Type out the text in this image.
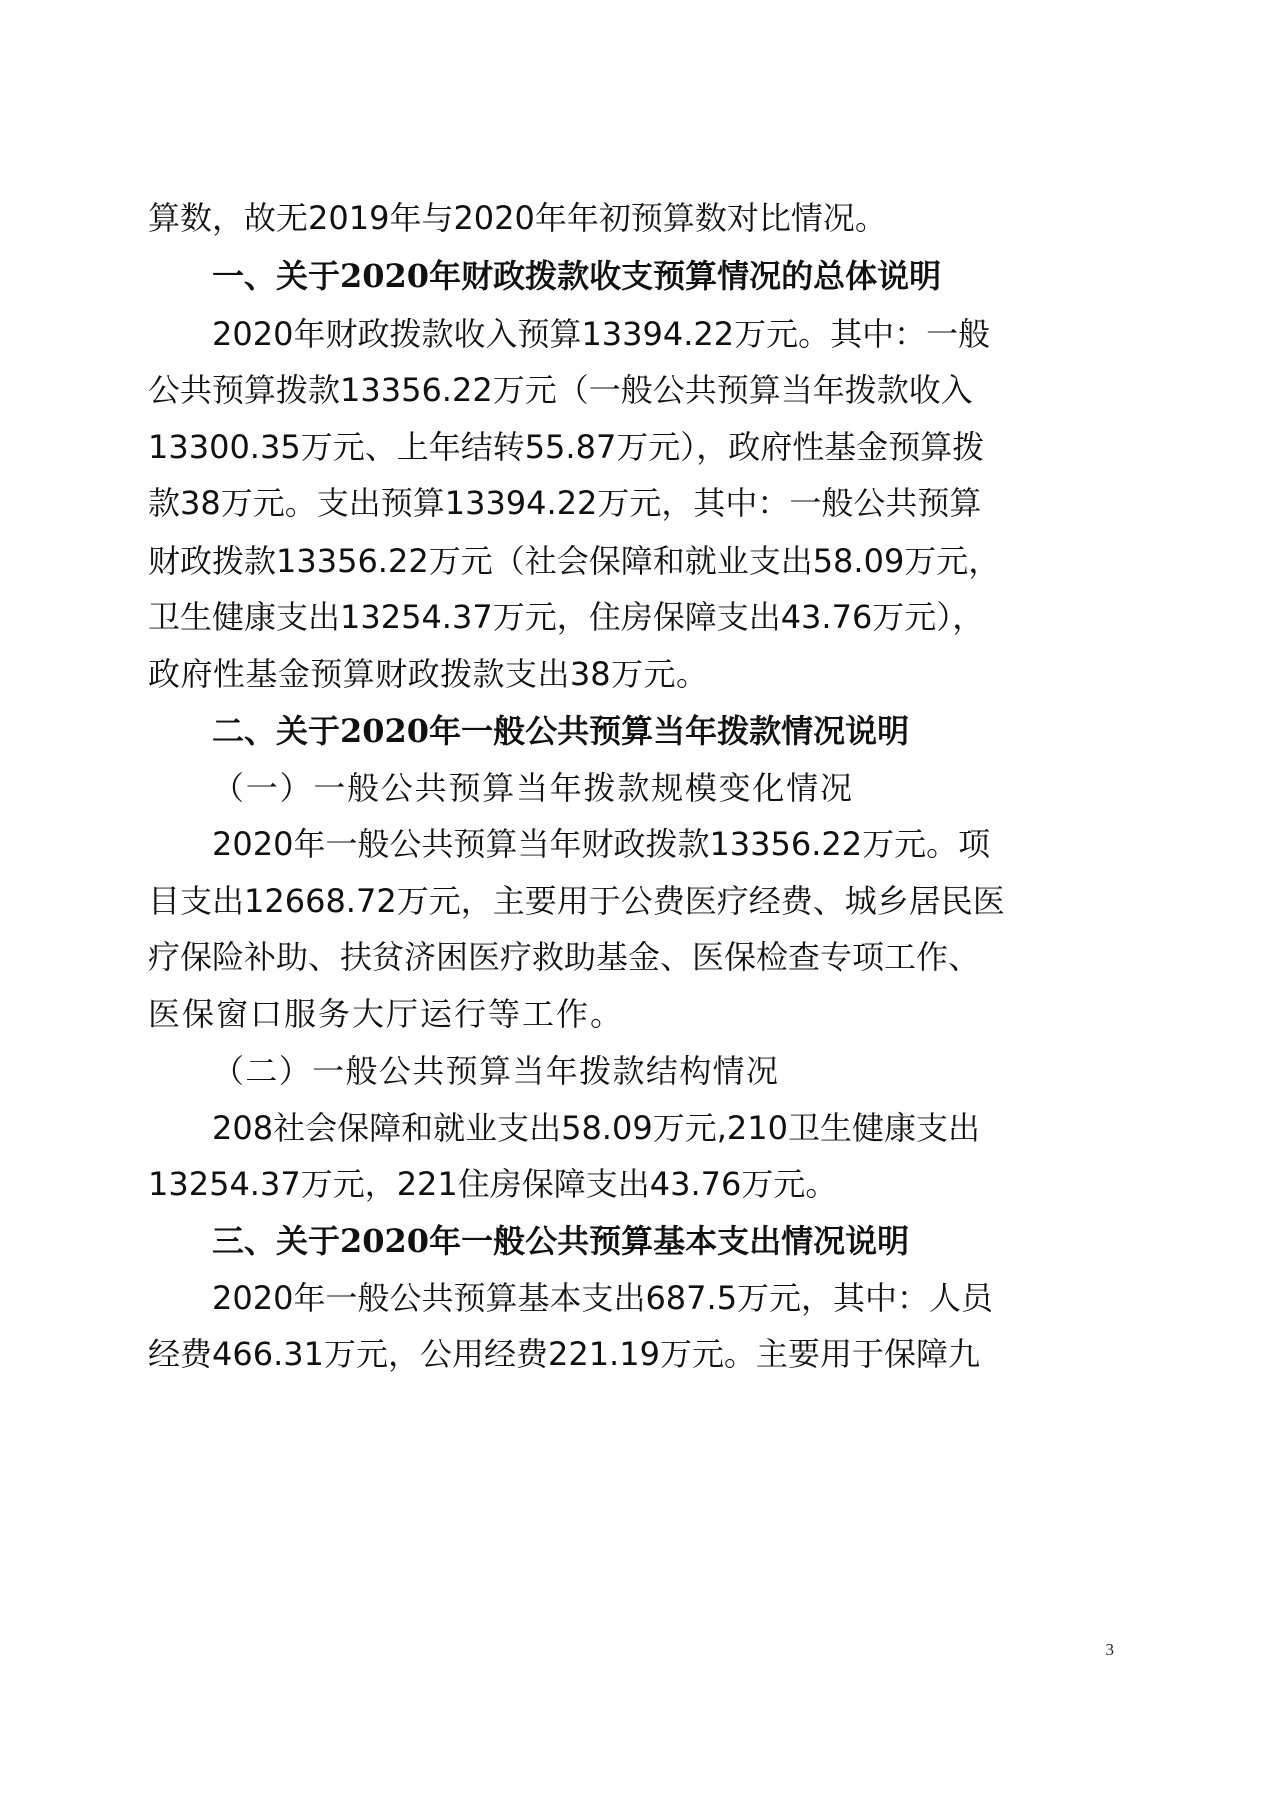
算数，故无2019年与2020年年初预算数对比情况。
一、关于2020年财政拨款收支预算情况的总体说明
2020年财政拨款收入预算13394.22万元。其中：一般
公共预算拨款13356.22万元（一般公共预算当年拨款收入
13300.35万元、上年结转55.87万元），政府性基金预算拨
款38万元。支出预算13394.22万元，其中：一般公共预算
财政拨款13356.22万元（社会保障和就业支出58.09万元，
卫生健康支出13254.37万元，住房保障支出43.76万元），
政府性基金预算财政拨款支出38万元。
二、关于2020年一般公共预算当年拨款情况说明
（一）一般公共预算当年拨款规模变化情况
2020年一般公共预算当年财政拨款13356.22万元。项
目支出12668.72万元，主要用于公费医疗经费、城乡居民医
疗保险补助、扶贫济困医疗救助基金、医保检查专项工作、
医保窗口服务大厅运行等工作。
（二）一般公共预算当年拨款结构情况
208社会保障和就业支出58.09万元,210卫生健康支出
13254.37万元，221住房保障支出43.76万元。
三、关于2020年一般公共预算基本支出情况说明
2020年一般公共预算基本支出687.5万元，其中：人员
经费466.31万元，公用经费221.19万元。主要用于保障九
3
